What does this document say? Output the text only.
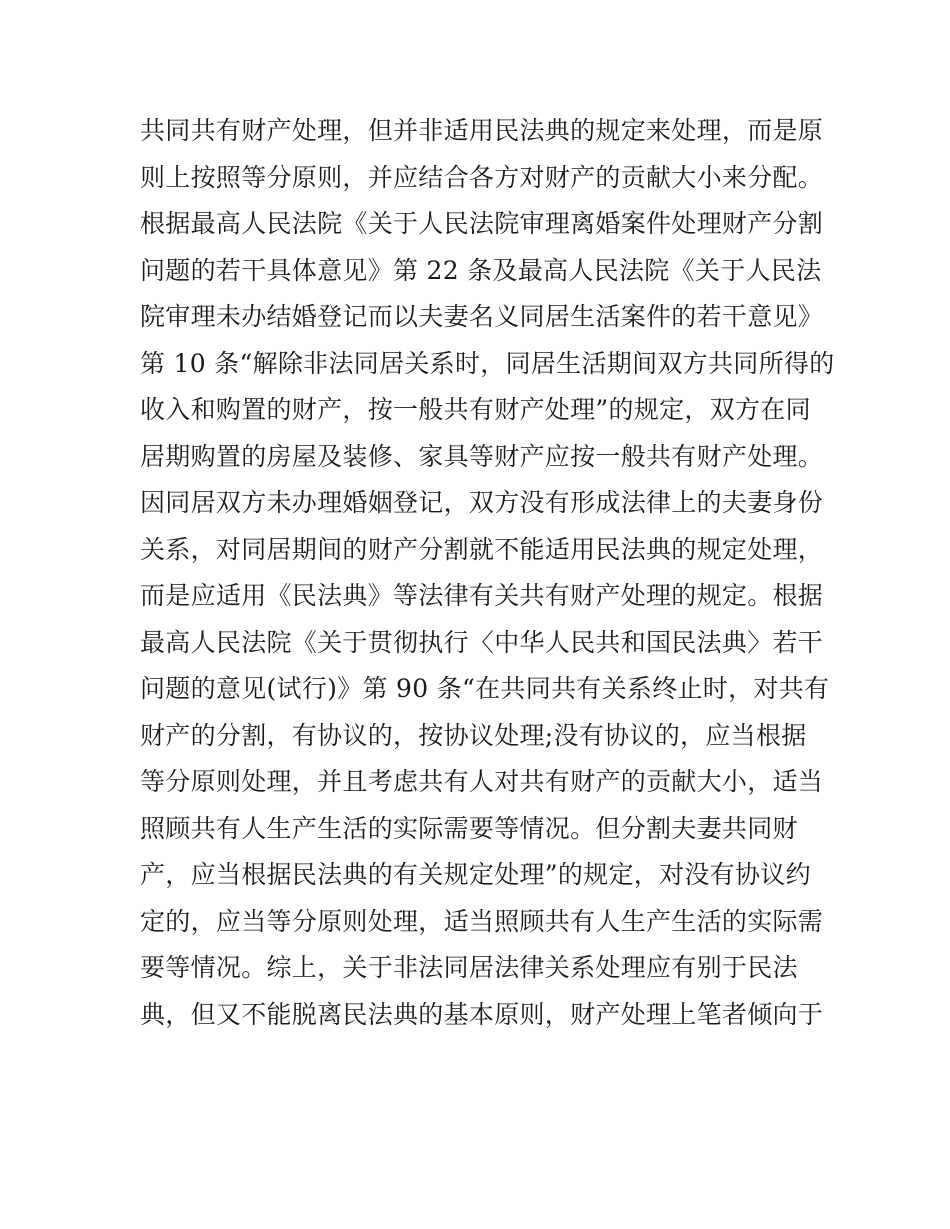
共同共有财产处理，但并非适用民法典的规定来处理，而是原
则上按照等分原则，并应结合各方对财产的贡献大小来分配。
根据最高人民法院《关于人民法院审理离婚案件处理财产分割
问题的若干具体意见》第 22 条及最高人民法院《关于人民法
院审理未办结婚登记而以夫妻名义同居生活案件的若干意见》
第 10 条“解除非法同居关系时，同居生活期间双方共同所得的
收入和购置的财产，按一般共有财产处理”的规定，双方在同
居期购置的房屋及装修、家具等财产应按一般共有财产处理。
因同居双方未办理婚姻登记，双方没有形成法律上的夫妻身份
关系，对同居期间的财产分割就不能适用民法典的规定处理，
而是应适用《民法典》等法律有关共有财产处理的规定。根据
最高人民法院《关于贯彻执行〈中华人民共和国民法典〉若干
问题的意见(试行)》第 90 条“在共同共有关系终止时，对共有
财产的分割，有协议的，按协议处理;没有协议的，应当根据
等分原则处理，并且考虑共有人对共有财产的贡献大小，适当
照顾共有人生产生活的实际需要等情况。但分割夫妻共同财
产，应当根据民法典的有关规定处理”的规定，对没有协议约
定的，应当等分原则处理，适当照顾共有人生产生活的实际需
要等情况。综上，关于非法同居法律关系处理应有别于民法
典，但又不能脱离民法典的基本原则，财产处理上笔者倾向于
